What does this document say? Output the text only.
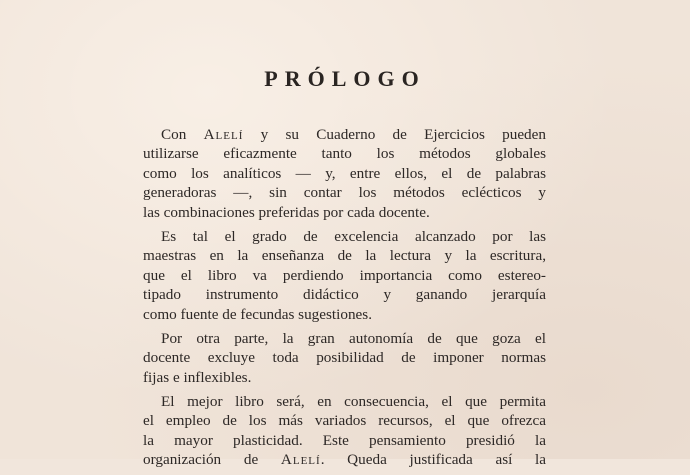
PRÓLOGO
Con Alelí y su Cuaderno de Ejercicios pueden
utilizarse eficazmente tanto los métodos globales
como los analíticos — y, entre ellos, el de palabras
generadoras —, sin contar los métodos eclécticos y
las combinaciones preferidas por cada docente.
Es tal el grado de excelencia alcanzado por las
maestras en la enseñanza de la lectura y la escritura,
que el libro va perdiendo importancia como estereo-
tipado instrumento didáctico y ganando jerarquía
como fuente de fecundas sugestiones.
Por otra parte, la gran autonomía de que goza el
docente excluye toda posibilidad de imponer normas
fijas e inflexibles.
El mejor libro será, en consecuencia, el que permita
el empleo de los más variados recursos, el que ofrezca
la mayor plasticidad. Este pensamiento presidió la
organización de Alelí. Queda justificada así la
